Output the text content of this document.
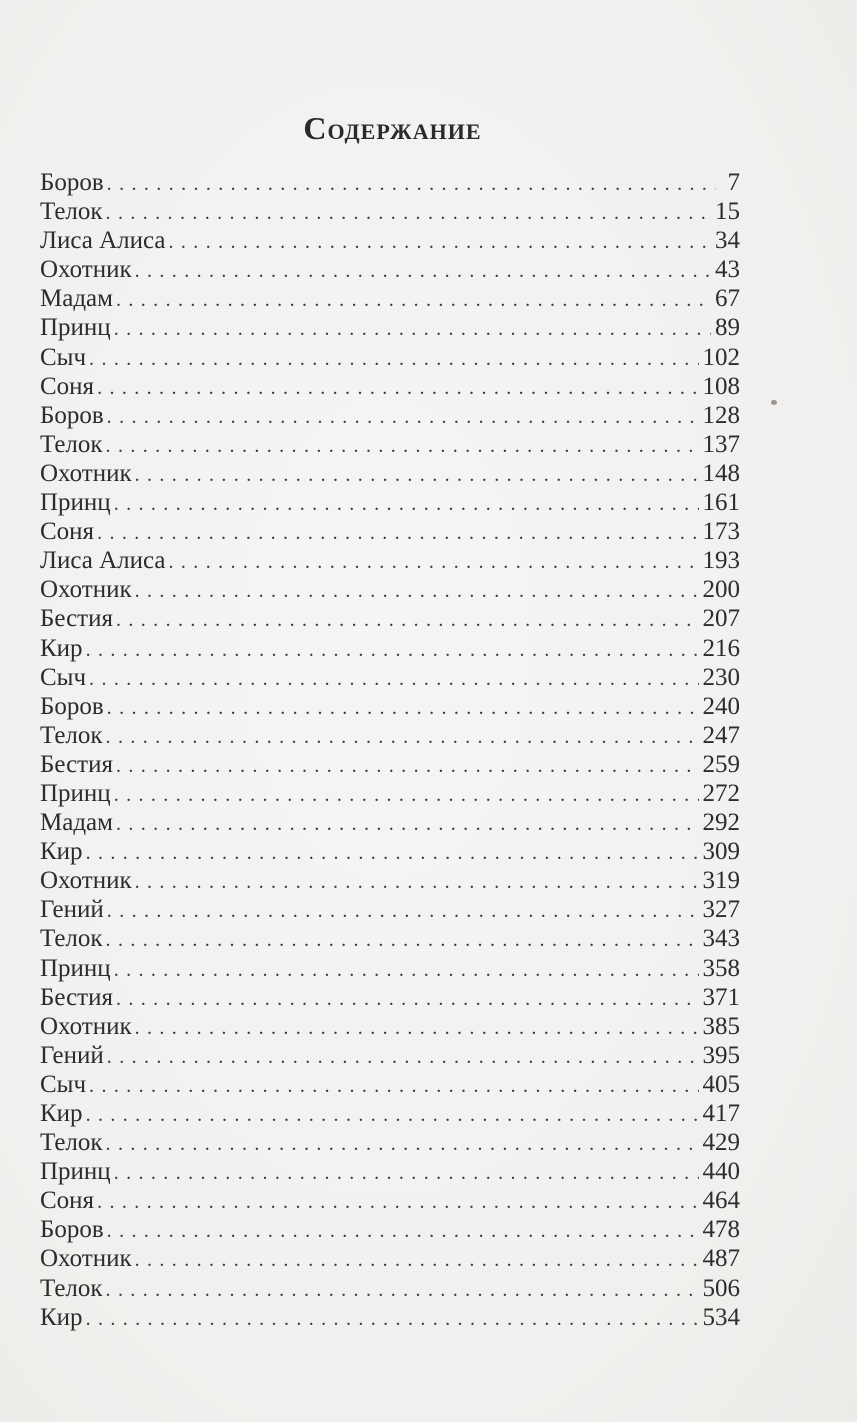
Содержание
Боров . . .	7
Телок . . .	15
Лиса Алиса . . .	34
Охотник . . .	43
Мадам . . .	67
Принц . . .	89
Сыч . . .	102
Соня . . .	108
Боров . . .	128
Телок . . .	137
Охотник . . .	148
Принц . . .	161
Соня . . .	173
Лиса Алиса . . .	193
Охотник . . .	200
Бестия . . .	207
Кир . . .	216
Сыч . . .	230
Боров . . .	240
Телок . . .	247
Бестия . . .	259
Принц . . .	272
Мадам . . .	292
Кир . . .	309
Охотник . . .	319
Гений . . .	327
Телок . . .	343
Принц . . .	358
Бестия . . .	371
Охотник . . .	385
Гений . . .	395
Сыч . . .	405
Кир . . .	417
Телок . . .	429
Принц . . .	440
Соня . . .	464
Боров . . .	478
Охотник . . .	487
Телок . . .	506
Кир . . .	534
